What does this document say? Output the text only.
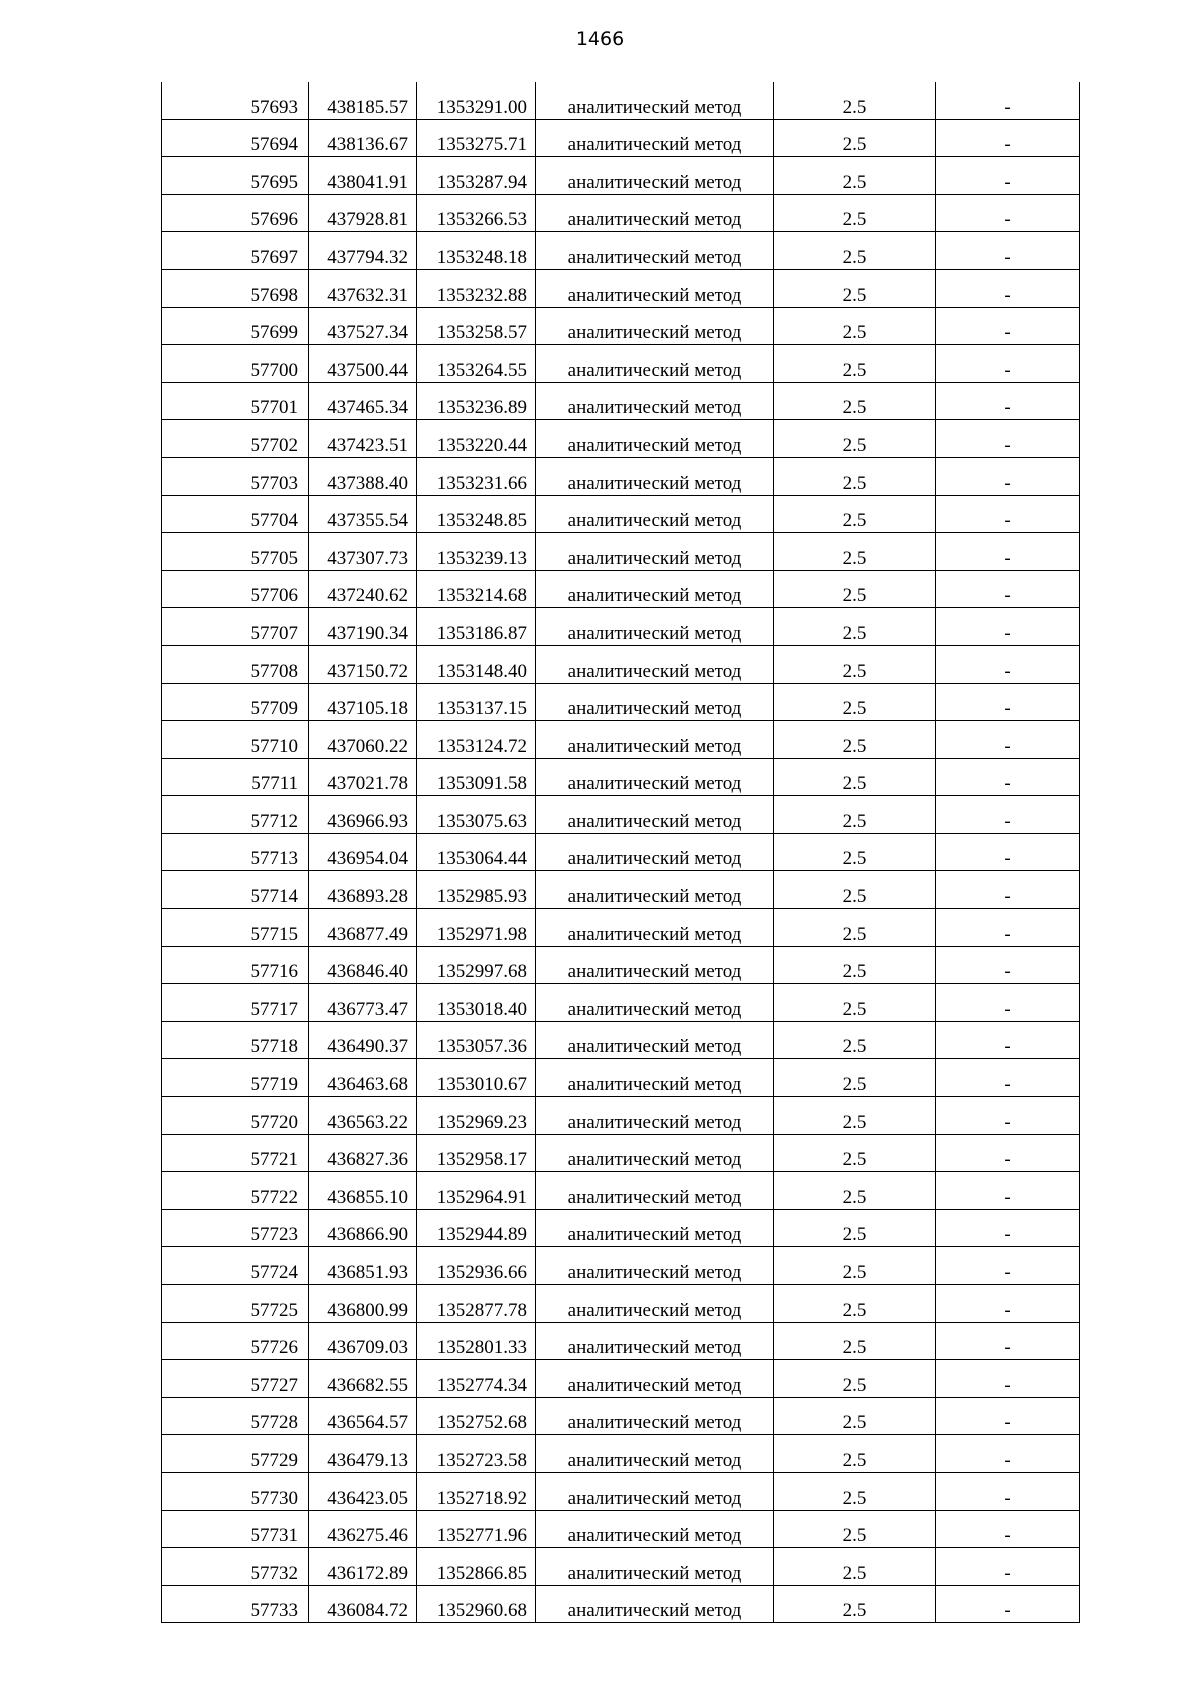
1466
57693	438185.57	1353291.00	аналитический метод	2.5	-
57694	438136.67	1353275.71	аналитический метод	2.5	-
57695	438041.91	1353287.94	аналитический метод	2.5	-
57696	437928.81	1353266.53	аналитический метод	2.5	-
57697	437794.32	1353248.18	аналитический метод	2.5	-
57698	437632.31	1353232.88	аналитический метод	2.5	-
57699	437527.34	1353258.57	аналитический метод	2.5	-
57700	437500.44	1353264.55	аналитический метод	2.5	-
57701	437465.34	1353236.89	аналитический метод	2.5	-
57702	437423.51	1353220.44	аналитический метод	2.5	-
57703	437388.40	1353231.66	аналитический метод	2.5	-
57704	437355.54	1353248.85	аналитический метод	2.5	-
57705	437307.73	1353239.13	аналитический метод	2.5	-
57706	437240.62	1353214.68	аналитический метод	2.5	-
57707	437190.34	1353186.87	аналитический метод	2.5	-
57708	437150.72	1353148.40	аналитический метод	2.5	-
57709	437105.18	1353137.15	аналитический метод	2.5	-
57710	437060.22	1353124.72	аналитический метод	2.5	-
57711	437021.78	1353091.58	аналитический метод	2.5	-
57712	436966.93	1353075.63	аналитический метод	2.5	-
57713	436954.04	1353064.44	аналитический метод	2.5	-
57714	436893.28	1352985.93	аналитический метод	2.5	-
57715	436877.49	1352971.98	аналитический метод	2.5	-
57716	436846.40	1352997.68	аналитический метод	2.5	-
57717	436773.47	1353018.40	аналитический метод	2.5	-
57718	436490.37	1353057.36	аналитический метод	2.5	-
57719	436463.68	1353010.67	аналитический метод	2.5	-
57720	436563.22	1352969.23	аналитический метод	2.5	-
57721	436827.36	1352958.17	аналитический метод	2.5	-
57722	436855.10	1352964.91	аналитический метод	2.5	-
57723	436866.90	1352944.89	аналитический метод	2.5	-
57724	436851.93	1352936.66	аналитический метод	2.5	-
57725	436800.99	1352877.78	аналитический метод	2.5	-
57726	436709.03	1352801.33	аналитический метод	2.5	-
57727	436682.55	1352774.34	аналитический метод	2.5	-
57728	436564.57	1352752.68	аналитический метод	2.5	-
57729	436479.13	1352723.58	аналитический метод	2.5	-
57730	436423.05	1352718.92	аналитический метод	2.5	-
57731	436275.46	1352771.96	аналитический метод	2.5	-
57732	436172.89	1352866.85	аналитический метод	2.5	-
57733	436084.72	1352960.68	аналитический метод	2.5	-
